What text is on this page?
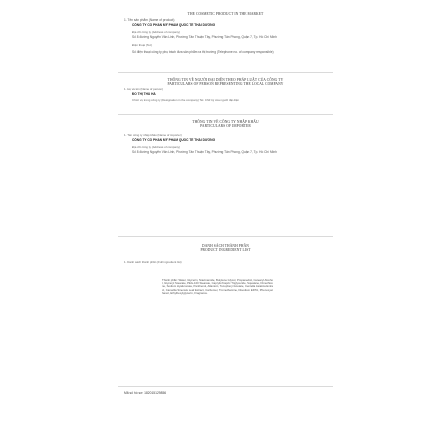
THE COSMETIC PRODUCT IN THE MARKET
1. Tên sản phẩm (Name of product)
CÔNG TY CỔ PHẦN MỸ PHẨM QUỐC TẾ THÁI DƯƠNG
Địa chỉ công ty (Address of company)
Số 8 đường Nguyễn Văn Linh, Phường Tân Thuận Tây, Phường Tân Phong, Quận 7, Tp. Hồ Chí Minh
Điện thoại (Tel.)
Số điện thoại công ty phụ trách đưa sản phẩm ra thị trường (Telephone no. of company responsible)
THÔNG TIN VỀ NGƯỜI ĐẠI DIỆN THEO PHÁP LUẬT CỦA CÔNG TY
PARTICULARS OF PERSON REPRESENTING THE LOCAL COMPANY
1. Họ và tên (Name of person)
ĐỖ THỊ THU HÀ
Chức vụ trong công ty (Designation in the company) Tel. Chữ ký của người đại diện
THÔNG TIN VỀ CÔNG TY NHẬP KHẨU
PARTICULARS OF IMPORTER
1. Tên công ty nhập khẩu (Name of importer)
CÔNG TY CỔ PHẦN MỸ PHẨM QUỐC TẾ THÁI DƯƠNG
Địa chỉ công ty (Address of company)
Số 8 đường Nguyễn Văn Linh, Phường Tân Thuận Tây, Phường Tân Phong, Quận 7, Tp. Hồ Chí Minh
DANH SÁCH THÀNH PHẦN
PRODUCT INGREDIENT LIST
1. Danh sách thành phần (Full ingredient list)
Thành phần: Water, Glycerin, Niacinamide, Butylene Glycol, Propanediol, Cetearyl Alcohol, Glyceryl Stearate, PEG-100 Stearate, Caprylic/Capric Triglyceride, Squalane, Dimethicone, Sodium Hyaluronate, Panthenol, Allantoin, Tocopheryl Acetate, Centella Asiatica Extract, Camellia Sinensis Leaf Extract, Carbomer, Tromethamine, Disodium EDTA, Phenoxyethanol, Ethylhexylglycerin, Fragrance.
Mã số hồ sơ: 182015129856
